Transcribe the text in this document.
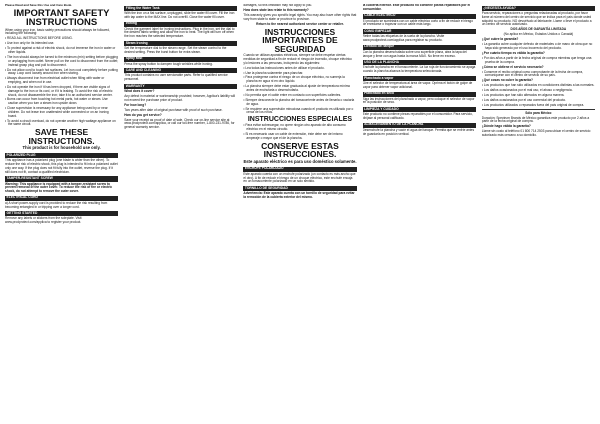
Please Read and Save this Use and Care Book.

IMPORTANT SAFETY INSTRUCTIONS

When using your iron, basic safety precautions should always be followed, including the following:

• READ ALL INSTRUCTIONS BEFORE USING.

• Use iron only for its intended use.

• To protect against a risk of electric shock, do not immerse the iron in water or other liquids.

• The iron should always be turned to the minimum (min) setting before plugging or unplugging from outlet. Never pull on the cord to disconnect from the outlet; instead grasp plug and pull to disconnect.

• Do not allow cord to touch hot surfaces. Let iron cool completely before putting away. Loop cord loosely around iron when storing.

• Always disconnect iron from electrical outlet when filling with water or emptying, and when not in use.

• Do not operate the iron if it has been dropped, if there are visible signs of damage to the iron or its cord, or if it is leaking. To avoid the risk of electric shock, do not disassemble the iron; take it to an authorized service center.

• Burns can occur from touching hot metal parts, hot water or steam. Use caution when you turn a steam iron upside down.

• Close supervision is necessary for any appliance being used by or near children. Do not leave iron unattended while connected or on an ironing board.

• To avoid a circuit overload, do not operate another high wattage appliance on the same circuit.

SAVE THESE INSTRUCTIONS.
This product is for household use only.
POLARIZED PLUG

This appliance has a polarized plug (one blade is wider than the other). To reduce the risk of electric shock, this plug is intended to fit into a polarized outlet only one way. If the plug does not fit fully into the outlet, reverse the plug. If it still does not fit, contact a qualified electrician.

TAMPER-RESISTANT SCREW

Warning: This appliance is equipped with a tamper-resistant screw to prevent removal of the outer cover. To reduce the risk of fire or electric shock, do not attempt to remove the outer cover.

ELECTRICAL CORD

a) A short power-supply cord is provided to reduce the risk resulting from becoming entangled in or tripping over a longer cord.

GETTING STARTED

Remove any labels or stickers from the soleplate. Visit www.prodprotect.com/applica to register your product.

Filling the Water Tank

With the iron on a flat surface, unplugged, slide the water fill cover. Fill the iron with tap water to the MAX line. Do not overfill. Close the water fill cover.

Ironing

Check the garment label for ironing instructions. Plug in the iron, set the dial to the desired fabric setting and allow the iron to heat. The light will turn off when the iron reaches the selected temperature.

Steam Ironing

Set the temperature dial to the steam range. Set the steam control to the desired setting. Press the burst button for extra steam.

Spray Mist

Press the spray button to dampen tough wrinkles while ironing.

CARE AND CLEANING

This product contains no user serviceable parts. Refer to qualified service personnel.

WARRANTY

What does it cover?

Any defect in material or workmanship provided; however, Applica's liability will not exceed the purchase price of product.

For how long?

Two years after date of original purchase with proof of such purchase.

How do you get service?

Save your receipt as proof of date of sale. Check our on-line service site at www.prodprotect.com/applica, or call our toll-free number, 1-800-231-9786, for general warranty service.

damages, so this limitation may not apply to you.

How does state law relate to this warranty?

This warranty gives you specific legal rights. You may also have other rights that vary from state to state or province to province.

Return to the nearest authorized service center or retailer.

INSTRUCCIONES IMPORTANTES DE SEGURIDAD

Cuando se utilizan aparatos eléctricos, siempre se debe respetar ciertas medidas de seguridad a fin de reducir el riesgo de incendio, choque eléctrico y/o lesiones a las personas, incluyendo las siguientes:

• Lea todas las instrucciones antes de utilizar el producto.

• Use la plancha solamente para planchar.

• Para protegerse contra el riesgo de un choque eléctrico, no sumerja la plancha en agua ni en otro líquido.

• La plancha siempre debe estar graduada al ajuste de temperatura mínimo antes de enchufarla o desenchufarla.

• No permita que el cable entre en contacto con superficies calientes.

• Siempre desconecte la plancha del tomacorriente antes de llenarla o vaciarla de agua.

• Se requiere una supervisión minuciosa cuando el producto es utilizado por o cerca de los niños.

INSTRUCCIONES ESPECIALES

• Para evitar sobrecargar, no opere ningún otro aparato de alto consumo eléctrico en el mismo circuito.

• Si es necesario usar un cable de extensión, éste debe ser del mismo amperaje o mayor que el de la plancha.

CONSERVE ESTAS INSTRUCCIONES.
Este aparato eléctrico es para uso doméstico solamente.
ENCHUFE POLARIZADO

Este aparato cuenta con un enchufe polarizado (un contacto es más ancho que el otro). A fin de reducir el riesgo de un choque eléctrico, este enchufe encaja en un tomacorriente polarizado en un solo sentido.

TORNILLO DE SEGURIDAD

Advertencia: Este aparato cuenta con un tornillo de seguridad para evitar la remoción de la cubierta exterior del mismo.

la cubierta exterior. Este producto no contiene piezas reparables por el consumidor.

CABLE ELÉCTRICO

El producto se suministra con un cable eléctrico corto a fin de reducir el riesgo de enredarse o tropezar con un cable más largo.

COMO EMPEZAR

Retire todas las etiquetas de la suela de la plancha. Visite www.prodprotect.com/applica para registrar su producto.

Llenado del tanque

Con la plancha desenchufada sobre una superficie plana, abra la tapa del tanque y llene con agua hasta la marca MAX. No llene en exceso.

USO DE LA PLANCHA

Enchufe la plancha en el tomacorriente. La luz roja de funcionamiento se apaga cuando la plancha alcanza la temperatura seleccionada.

Planchado a vapor

Gire el selector de temperatura al área de vapor. Oprima el botón de golpe de vapor para obtener vapor adicional.

Planchado en seco

Siga las instrucciones del planchado a vapor, pero coloque el selector de vapor en la posición de seco.

LIMPIEZA Y CUIDADO

Este producto no contiene piezas reparables por el consumidor. Para servicio, diríjase al personal calificado.

ALMACENAMIENTO DE LA PLANCHA

Desenchufe la plancha y vacíe el agua del tanque. Permita que se enfríe antes de guardarla en posición vertical.

¿NECESITA AYUDA?

Para servicio, reparaciones o preguntas relacionadas al producto, por favor llame al número del centro de servicio que se indica para el país donde usted adquirió su producto. NO devuélvalo al fabricante. Llame o lleve el producto a un centro de servicio autorizado.

DOS AÑOS DE GARANTÍA LIMITADA

(No aplica en México, Estados Unidos o Canadá)

¿Qué cubre la garantía?

• La garantía cubre cualquier defecto de materiales o de mano de obra que no haya sido generado por el uso incorrecto del producto.

¿Por cuánto tiempo es válida la garantía?

• Por dos años a partir de la fecha original de compra mientras que tenga una prueba de la compra.

¿Cómo se obtiene el servicio necesario?

• Conserve el recibo original como comprobante de la fecha de compra, comuníquese con el centro de servicio de su país.

¿Qué cosas no cubre la garantía?

• Los productos que han sido utilizados en condiciones distintas a las normales.

• Los daños ocasionados por el mal uso, el abuso o negligencia.

• Los productos que han sido alterados en alguna manera.

• Los daños ocasionados por el uso comercial del producto.

• Los productos utilizados o reparados fuera del país original de compra.

Sólo para México

Duración: Spectrum Brands de México garantiza este producto por 2 años a partir de la fecha original de compra.

¿Dónde hago válida la garantía?

Llame sin costo al teléfono 01 800 714 2503 para ubicar el centro de servicio autorizado más cercano a su domicilio.
